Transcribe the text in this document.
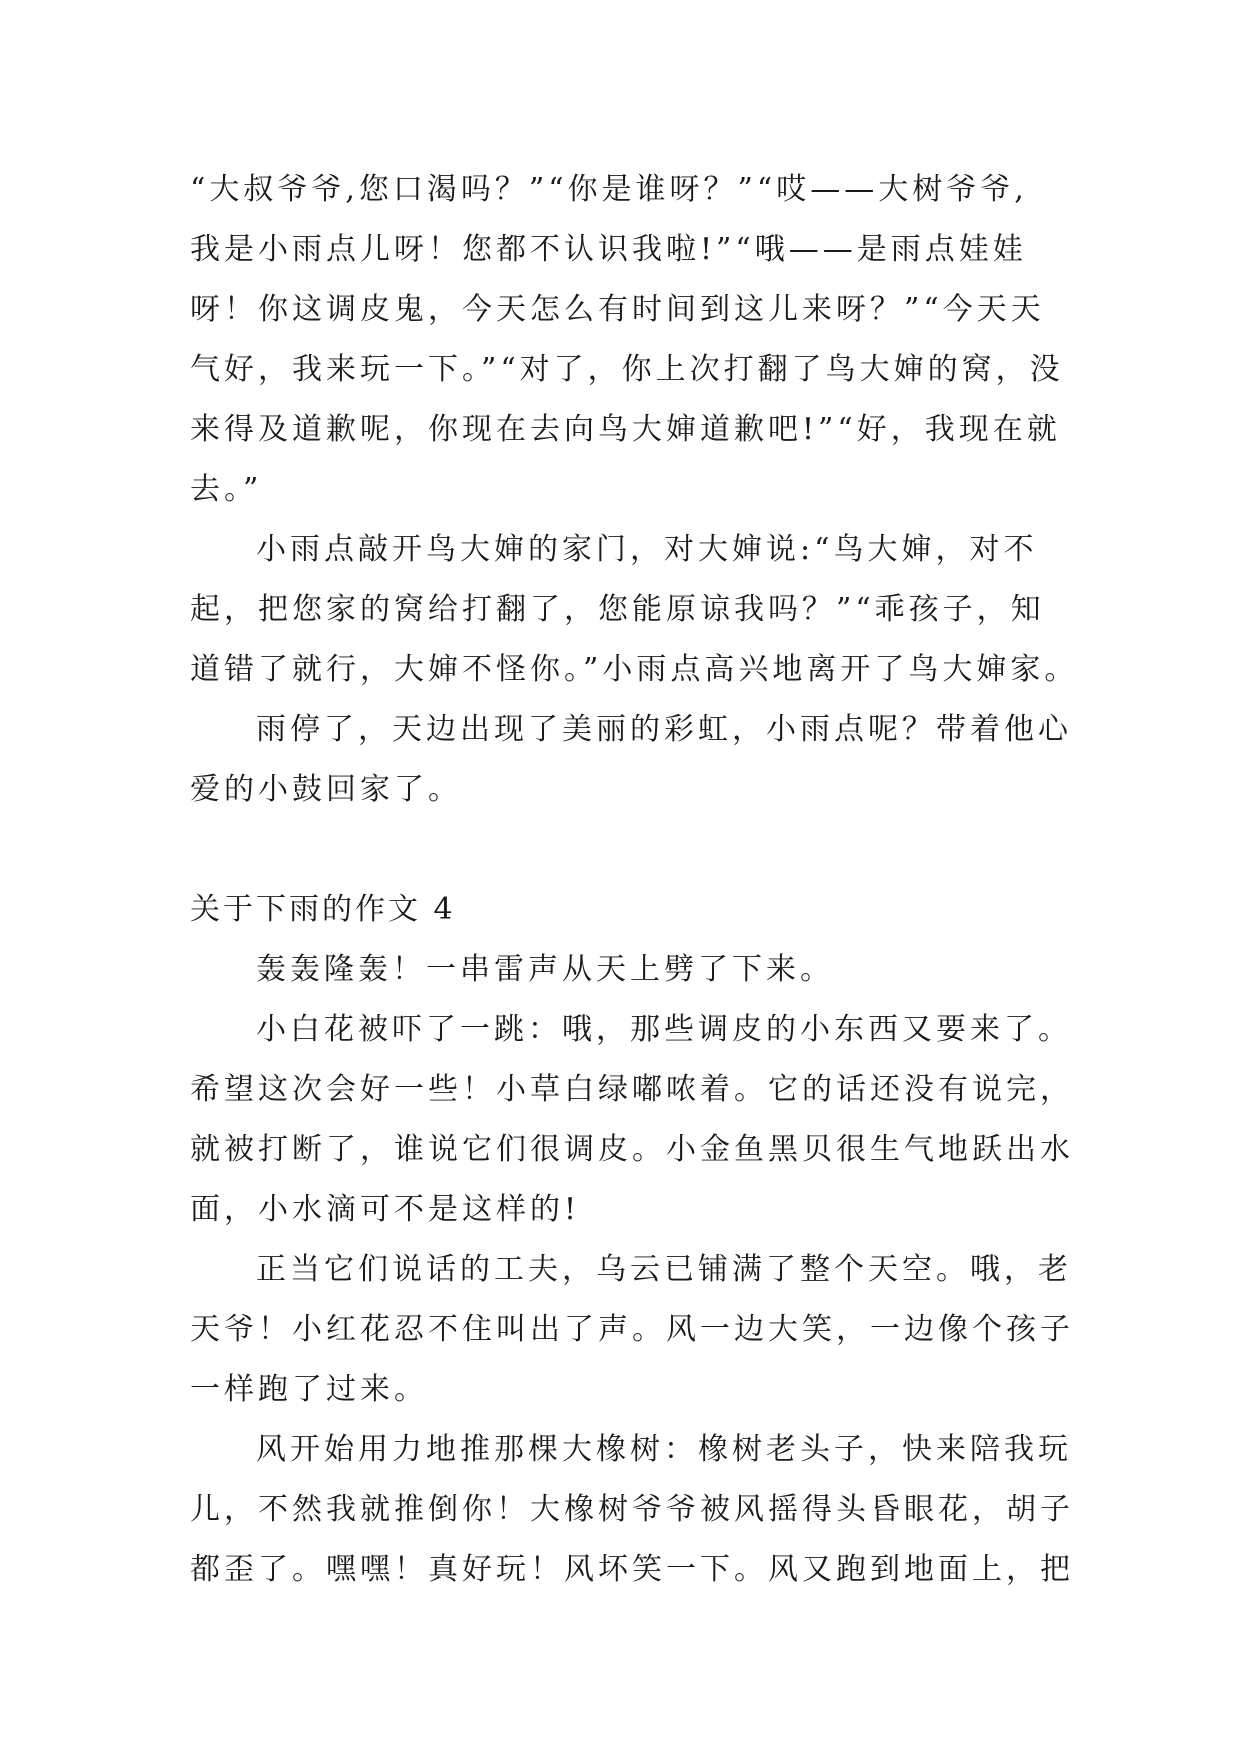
“大叔爷爷,您口渴吗？”“你是谁呀？”“哎——大树爷爷,
我是小雨点儿呀！您都不认识我啦!”“哦——是雨点娃娃
呀！你这调皮鬼，今天怎么有时间到这儿来呀？”“今天天
气好，我来玩一下。”“对了，你上次打翻了鸟大婶的窝，没
来得及道歉呢，你现在去向鸟大婶道歉吧!”“好，我现在就
去。”
小雨点敲开鸟大婶的家门，对大婶说:“鸟大婶，对不
起，把您家的窝给打翻了，您能原谅我吗？”“乖孩子，知
道错了就行，大婶不怪你。”小雨点高兴地离开了鸟大婶家。
雨停了，天边出现了美丽的彩虹，小雨点呢？带着他心
爱的小鼓回家了。
关于下雨的作文 4
轰轰隆轰！一串雷声从天上劈了下来。
小白花被吓了一跳：哦，那些调皮的小东西又要来了。
希望这次会好一些！小草白绿嘟哝着。它的话还没有说完，
就被打断了，谁说它们很调皮。小金鱼黑贝很生气地跃出水
面，小水滴可不是这样的!
正当它们说话的工夫，乌云已铺满了整个天空。哦，老
天爷！小红花忍不住叫出了声。风一边大笑，一边像个孩子
一样跑了过来。
风开始用力地推那棵大橡树：橡树老头子，快来陪我玩
儿，不然我就推倒你！大橡树爷爷被风摇得头昏眼花，胡子
都歪了。嘿嘿！真好玩！风坏笑一下。风又跑到地面上，把
